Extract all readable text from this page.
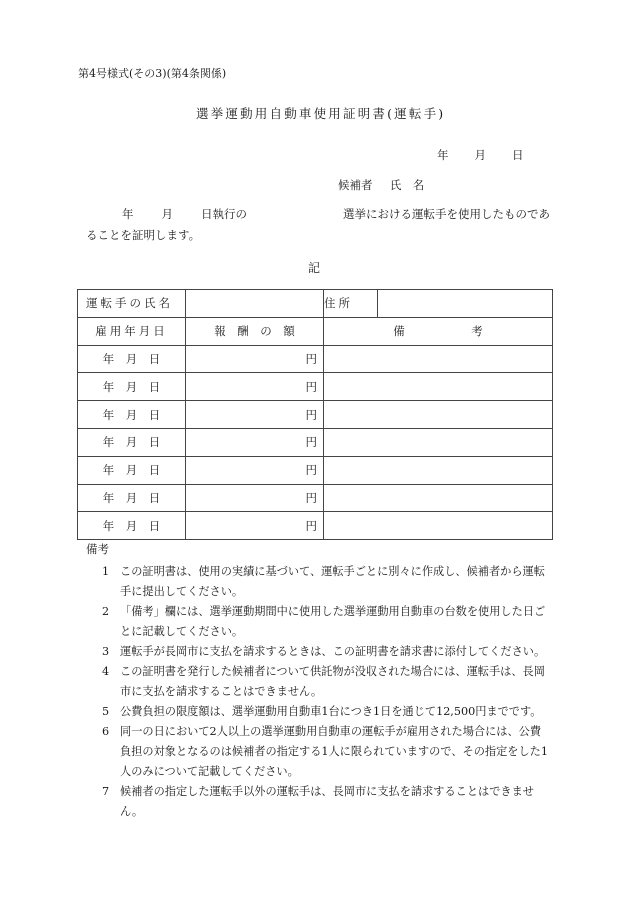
第4号様式(その3)(第4条関係)
選挙運動用自動車使用証明書(運転手)
年 月 日
候補者 氏　名
年 月 日執行の	選挙における運転手を使用したものであ
ることを証明します。
記
運転手の氏名		住所	
雇用年月日	報　酬　の　額	備 考	

年　月　日	円		
年　月　日	円		
年　月　日	円		
年　月　日	円		
年　月　日	円		
年　月　日	円		
年　月　日	円		
備考
1 この証明書は、使用の実績に基づいて、運転手ごとに別々に作成し、候補者から運転手に提出してください。
2 「備考」欄には、選挙運動期間中に使用した選挙運動用自動車の台数を使用した日ごとに記載してください。
3 運転手が長岡市に支払を請求するときは、この証明書を請求書に添付してください。
4 この証明書を発行した候補者について供託物が没収された場合には、運転手は、長岡市に支払を請求することはできません。
5 公費負担の限度額は、選挙運動用自動車1台につき1日を通じて12,500円までです。
6 同一の日において2人以上の選挙運動用自動車の運転手が雇用された場合には、公費負担の対象となるのは候補者の指定する1人に限られていますので、その指定をした1人のみについて記載してください。
7 候補者の指定した運転手以外の運転手は、長岡市に支払を請求することはできません。
